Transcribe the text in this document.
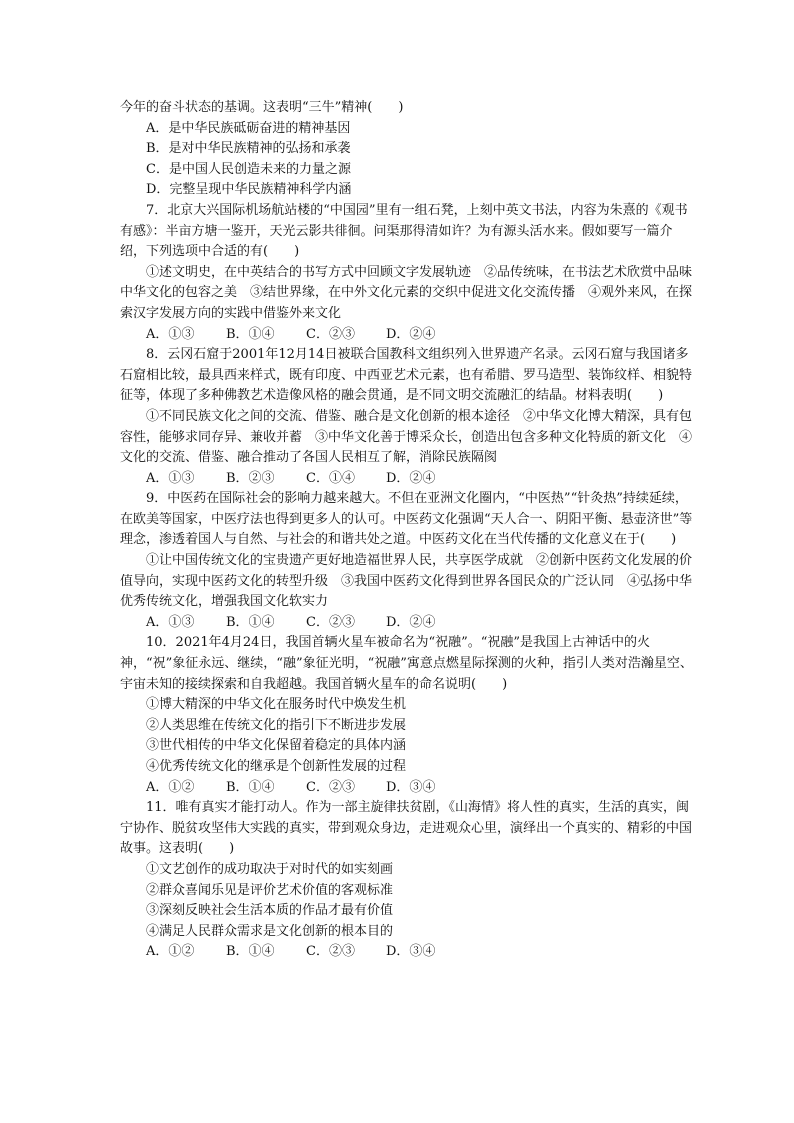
今年的奋斗状态的基调。这表明“三牛”精神(　　)

A．是中华民族砥砺奋进的精神基因

B．是对中华民族精神的弘扬和承袭

C．是中国人民创造未来的力量之源

D．完整呈现中华民族精神科学内涵

7．北京大兴国际机场航站楼的“中国园”里有一组石凳，上刻中英文书法，内容为朱熹的《观书有感》：半亩方塘一鉴开，天光云影共徘徊。问渠那得清如许？为有源头活水来。假如要写一篇介绍，下列选项中合适的有(　　)

①述文明史，在中英结合的书写方式中回顾文字发展轨迹　②品传统味，在书法艺术欣赏中品味中华文化的包容之美　③结世界缘，在中外文化元素的交织中促进文化交流传播　④观外来风，在探索汉字发展方向的实践中借鉴外来文化

A．①③ B．①④ C．②③ D．②④

8．云冈石窟于2001年12月14日被联合国教科文组织列入世界遗产名录。云冈石窟与我国诸多石窟相比较，最具西来样式，既有印度、中西亚艺术元素，也有希腊、罗马造型、装饰纹样、相貌特征等，体现了多种佛教艺术造像风格的融会贯通，是不同文明交流融汇的结晶。材料表明(　　)

①不同民族文化之间的交流、借鉴、融合是文化创新的根本途径　②中华文化博大精深，具有包容性，能够求同存异、兼收并蓄　③中华文化善于博采众长，创造出包含多种文化特质的新文化　④文化的交流、借鉴、融合推动了各国人民相互了解，消除民族隔阂

A．①③ B．②③ C．①④ D．②④

9．中医药在国际社会的影响力越来越大。不但在亚洲文化圈内，“中医热”“针灸热”持续延续，在欧美等国家，中医疗法也得到更多人的认可。中医药文化强调“天人合一、阴阳平衡、悬壶济世”等理念，渗透着国人与自然、与社会的和谐共处之道。中医药文化在当代传播的文化意义在于(　　)

①让中国传统文化的宝贵遗产更好地造福世界人民，共享医学成就　②创新中医药文化发展的价值导向，实现中医药文化的转型升级　③我国中医药文化得到世界各国民众的广泛认同　④弘扬中华优秀传统文化，增强我国文化软实力

A．①③ B．①④ C．②③ D．②④

10．2021年4月24日，我国首辆火星车被命名为“祝融”。“祝融”是我国上古神话中的火神，“祝”象征永远、继续，“融”象征光明，“祝融”寓意点燃星际探测的火种，指引人类对浩瀚星空、宇宙未知的接续探索和自我超越。我国首辆火星车的命名说明(　　)

①博大精深的中华文化在服务时代中焕发生机

②人类思维在传统文化的指引下不断进步发展

③世代相传的中华文化保留着稳定的具体内涵

④优秀传统文化的继承是个创新性发展的过程

A．①② B．①④ C．②③ D．③④

11．唯有真实才能打动人。作为一部主旋律扶贫剧，《山海情》将人性的真实，生活的真实，闽宁协作、脱贫攻坚伟大实践的真实，带到观众身边，走进观众心里，演绎出一个真实的、精彩的中国故事。这表明(　　)

①文艺创作的成功取决于对时代的如实刻画

②群众喜闻乐见是评价艺术价值的客观标准

③深刻反映社会生活本质的作品才最有价值

④满足人民群众需求是文化创新的根本目的

A．①② B．①④ C．②③ D．③④
